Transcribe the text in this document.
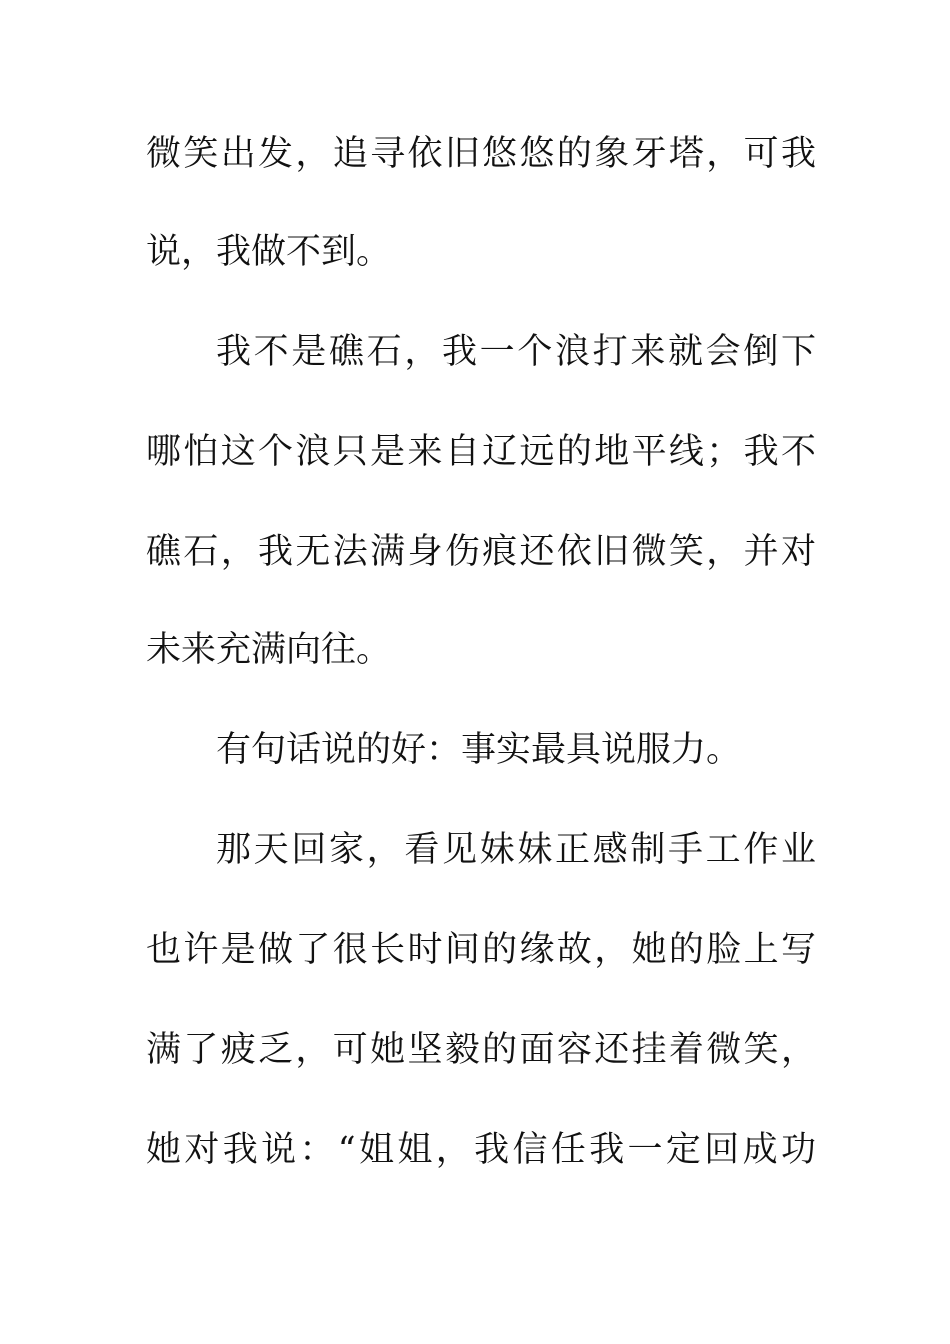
微笑出发，追寻依旧悠悠的象牙塔，可我
说，我做不到。
我不是礁石，我一个浪打来就会倒下
哪怕这个浪只是来自辽远的地平线；我不
礁石，我无法满身伤痕还依旧微笑，并对
未来充满向往。
有句话说的好：事实最具说服力。
那天回家，看见妹妹正感制手工作业
也许是做了很长时间的缘故，她的脸上写
满了疲乏，可她坚毅的面容还挂着微笑，
她对我说：“姐姐，我信任我一定回成功
